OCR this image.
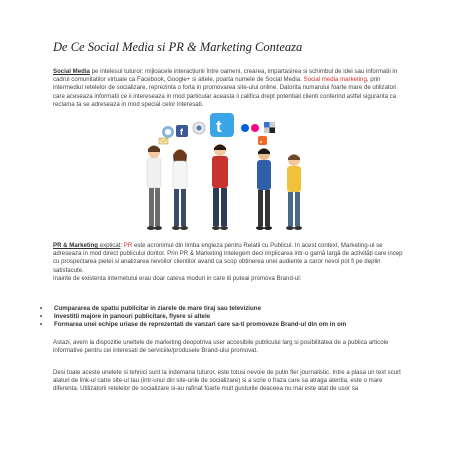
De Ce Social Media si PR & Marketing Conteaza

Social Media pe intelesul tuturor: mijloacele interacțiunii între oameni, crearea, impartasirea si schimbul de idei sau informatii in cadrul comunitatilor virtuale ca Facebook, Google+ si altele, poarta numele de Social Media. Social media marketing, prin intermediul retelelor de socializare, reprezinta o forta in promovarea site-ului online. Datorita numarului foarte mare de utilizatori care aceseaza informatii ce ii intereseaza in mod particular aceasta ii califica drept potentiali clienti conferind astfel siguranta ca reclama ta se adreseaza in mod special celor interesati.

f t

PR & Marketing explicat: PR este acronimul din limba engleza pentru Relatii cu Publicul. In acest context, Marketing-ul se adreseaza in mod direct publicului doritor. Prin PR & Marketing intelegem deci implicarea intr-o gamă largă de activități care incep cu prospectarea pietei si analizarea nevoilor clientilor avand ca scop obtinerea unei audiente a caror nevoi pot fi pe deplin satisfacute.
Inainte de existenta internetului erau doar cateva moduri in care iti puteai promova Brand-ul:

• Cumpararea de spatiu publicitar in ziarele de mare tiraj sau televiziune
• Investitii majore in panouri publicitare, flyere si altele
• Formarea unei echipe uriase de reprezentati de vanzari care sa-ti promoveze Brand-ul din om in om

Astazi, avem la dispozitie uneltele de marketing deopotriva user accesibile publicului larg si posibilitatea de a publica articole informative pentru cei interesati de serviciile/produsele Brand-ului promovat.

Desi toate aceste unelete si tehnici sunt la indemana tuturor, este totusi nevoie de putin fler journalistic. Intre a plasa un text scurt alaturi de link-ul catre site-ul tau (intr-unul din site-urile de socializare) si a scrie o fraza care sa atraga atentia, este o mare diferenta. Utilizatorii retelelor de socializare si-au rafinat foarte mult gusturile deaceea nu mai este atat de usor sa
